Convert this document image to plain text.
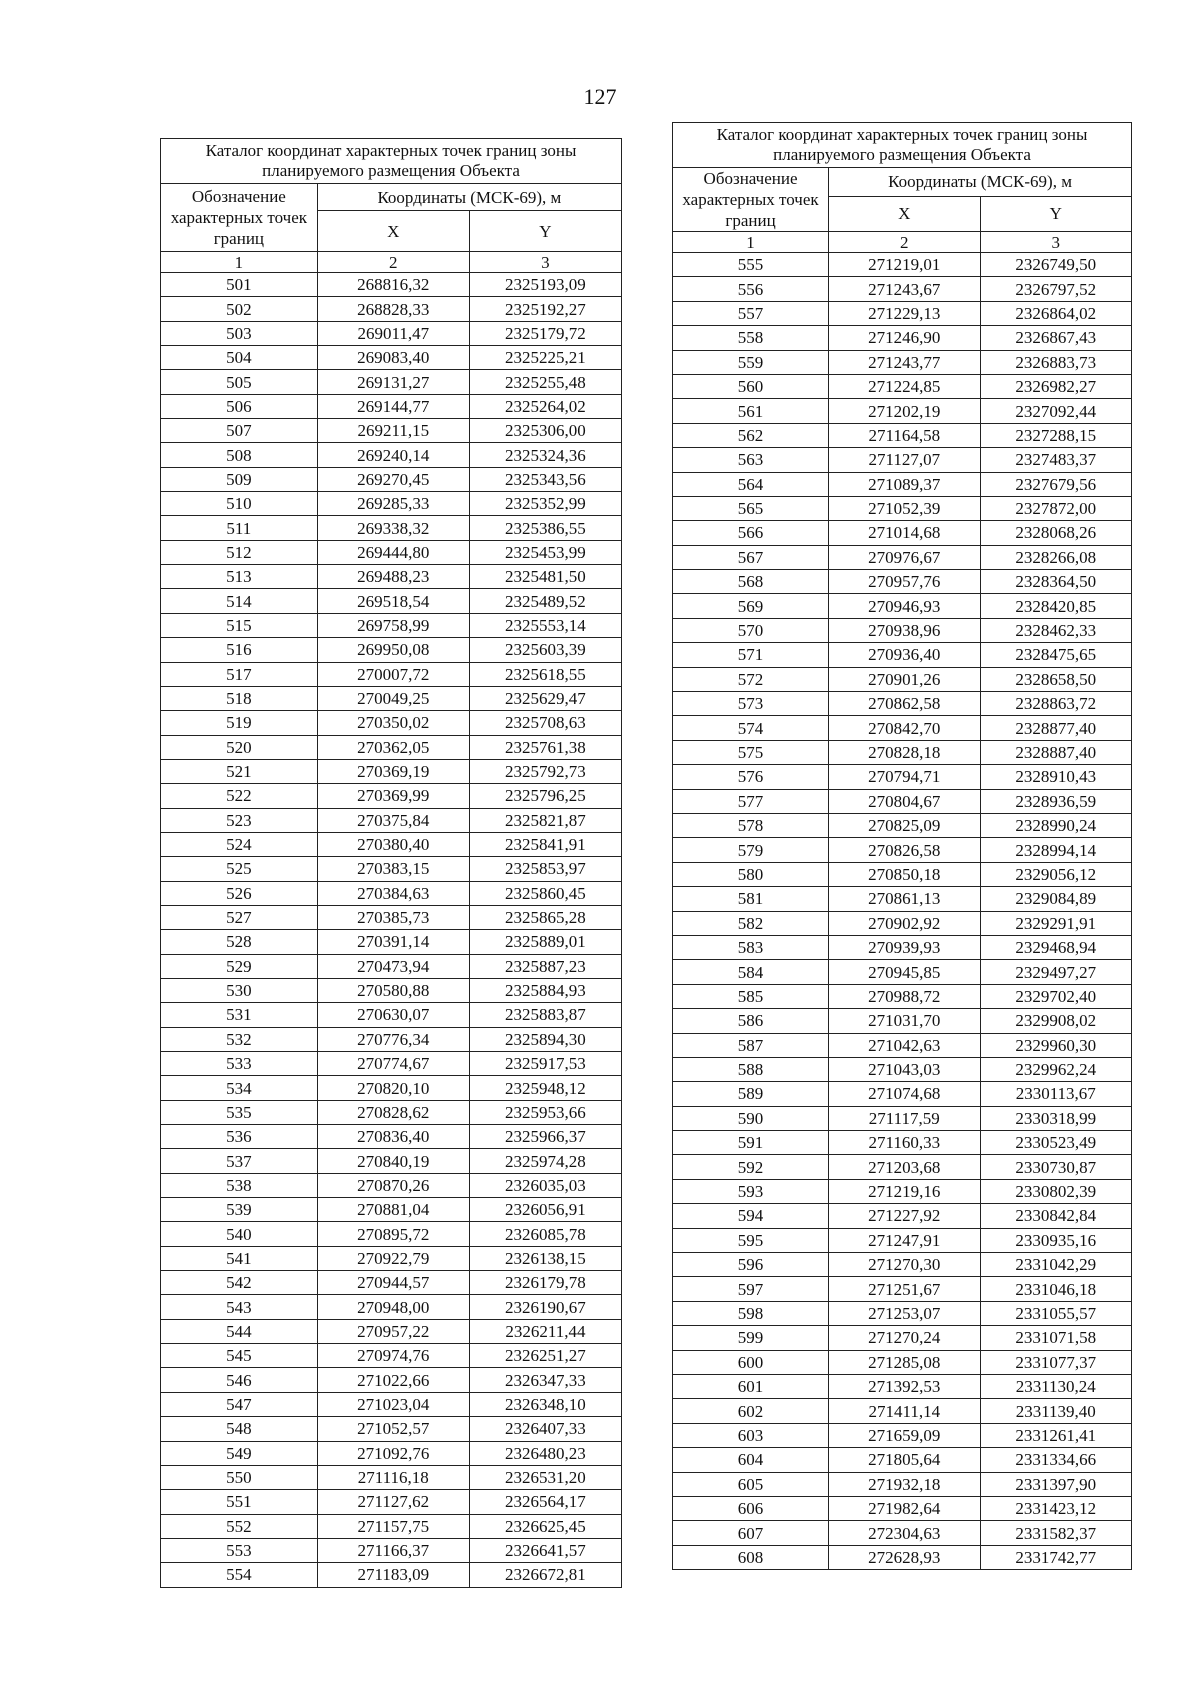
127
Каталог координат характерных точек границ зоны планируемого размещения Объекта		
Обозначение характерных точек границ	Координаты (МСК-69), м	
	X	Y
1	2	3
501	268816,32	2325193,09
502	268828,33	2325192,27
503	269011,47	2325179,72
504	269083,40	2325225,21
505	269131,27	2325255,48
506	269144,77	2325264,02
507	269211,15	2325306,00
508	269240,14	2325324,36
509	269270,45	2325343,56
510	269285,33	2325352,99
511	269338,32	2325386,55
512	269444,80	2325453,99
513	269488,23	2325481,50
514	269518,54	2325489,52
515	269758,99	2325553,14
516	269950,08	2325603,39
517	270007,72	2325618,55
518	270049,25	2325629,47
519	270350,02	2325708,63
520	270362,05	2325761,38
521	270369,19	2325792,73
522	270369,99	2325796,25
523	270375,84	2325821,87
524	270380,40	2325841,91
525	270383,15	2325853,97
526	270384,63	2325860,45
527	270385,73	2325865,28
528	270391,14	2325889,01
529	270473,94	2325887,23
530	270580,88	2325884,93
531	270630,07	2325883,87
532	270776,34	2325894,30
533	270774,67	2325917,53
534	270820,10	2325948,12
535	270828,62	2325953,66
536	270836,40	2325966,37
537	270840,19	2325974,28
538	270870,26	2326035,03
539	270881,04	2326056,91
540	270895,72	2326085,78
541	270922,79	2326138,15
542	270944,57	2326179,78
543	270948,00	2326190,67
544	270957,22	2326211,44
545	270974,76	2326251,27
546	271022,66	2326347,33
547	271023,04	2326348,10
548	271052,57	2326407,33
549	271092,76	2326480,23
550	271116,18	2326531,20
551	271127,62	2326564,17
552	271157,75	2326625,45
553	271166,37	2326641,57
554	271183,09	2326672,81
Каталог координат характерных точек границ зоны планируемого размещения Объекта		
Обозначение характерных точек границ	Координаты (МСК-69), м	
	X	Y
1	2	3
555	271219,01	2326749,50
556	271243,67	2326797,52
557	271229,13	2326864,02
558	271246,90	2326867,43
559	271243,77	2326883,73
560	271224,85	2326982,27
561	271202,19	2327092,44
562	271164,58	2327288,15
563	271127,07	2327483,37
564	271089,37	2327679,56
565	271052,39	2327872,00
566	271014,68	2328068,26
567	270976,67	2328266,08
568	270957,76	2328364,50
569	270946,93	2328420,85
570	270938,96	2328462,33
571	270936,40	2328475,65
572	270901,26	2328658,50
573	270862,58	2328863,72
574	270842,70	2328877,40
575	270828,18	2328887,40
576	270794,71	2328910,43
577	270804,67	2328936,59
578	270825,09	2328990,24
579	270826,58	2328994,14
580	270850,18	2329056,12
581	270861,13	2329084,89
582	270902,92	2329291,91
583	270939,93	2329468,94
584	270945,85	2329497,27
585	270988,72	2329702,40
586	271031,70	2329908,02
587	271042,63	2329960,30
588	271043,03	2329962,24
589	271074,68	2330113,67
590	271117,59	2330318,99
591	271160,33	2330523,49
592	271203,68	2330730,87
593	271219,16	2330802,39
594	271227,92	2330842,84
595	271247,91	2330935,16
596	271270,30	2331042,29
597	271251,67	2331046,18
598	271253,07	2331055,57
599	271270,24	2331071,58
600	271285,08	2331077,37
601	271392,53	2331130,24
602	271411,14	2331139,40
603	271659,09	2331261,41
604	271805,64	2331334,66
605	271932,18	2331397,90
606	271982,64	2331423,12
607	272304,63	2331582,37
608	272628,93	2331742,77
